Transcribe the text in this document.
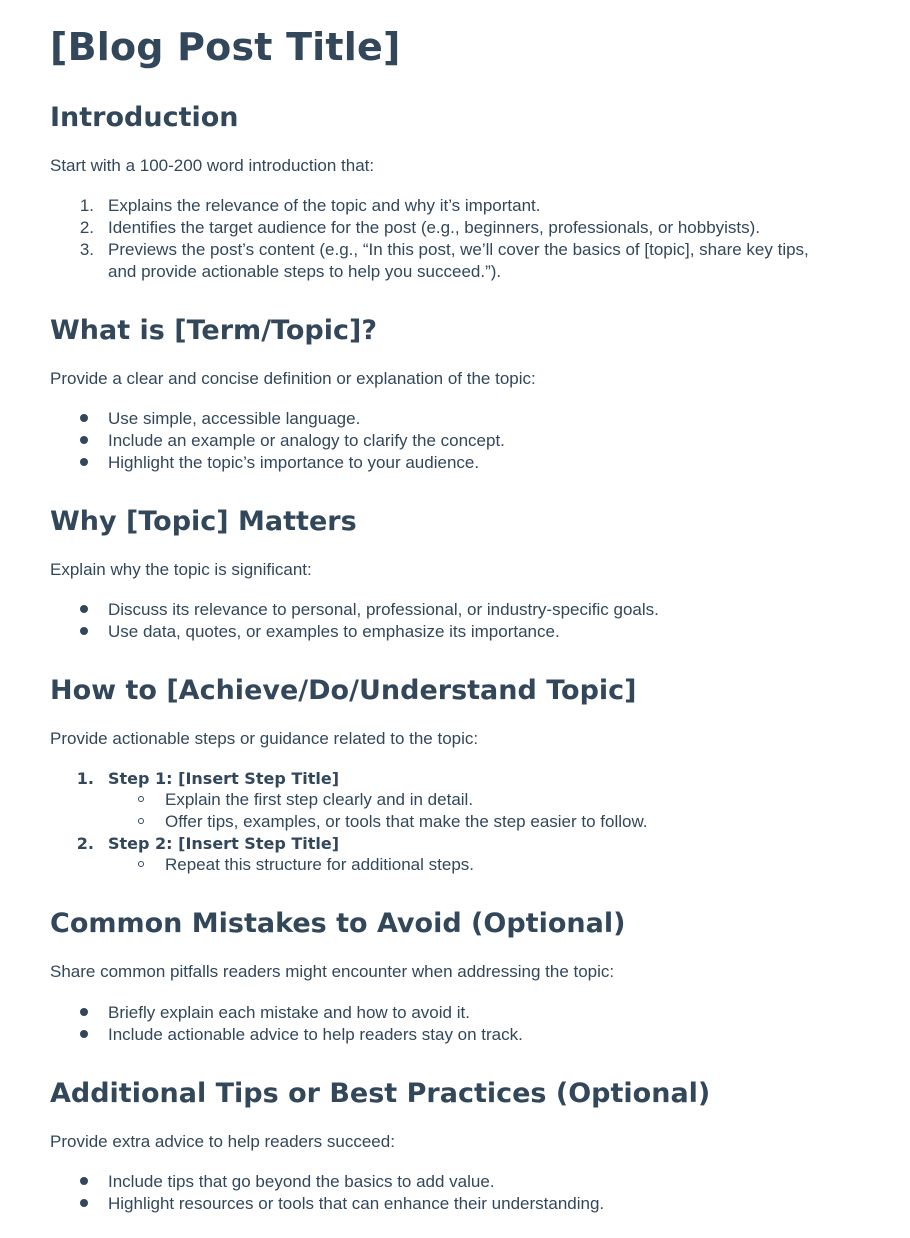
[Blog Post Title]
Introduction

Start with a 100-200 word introduction that:

1. Explains the relevance of the topic and why it’s important.
2. Identifies the target audience for the post (e.g., beginners, professionals, or hobbyists).
3. Previews the post’s content (e.g., “In this post, we’ll cover the basics of [topic], share key tips,
and provide actionable steps to help you succeed.”).
What is [Term/Topic]?

Provide a clear and concise definition or explanation of the topic:

Use simple, accessible language.
Include an example or analogy to clarify the concept.
Highlight the topic’s importance to your audience.
Why [Topic] Matters

Explain why the topic is significant:

Discuss its relevance to personal, professional, or industry-specific goals.
Use data, quotes, or examples to emphasize its importance.
How to [Achieve/Do/Understand Topic]

Provide actionable steps or guidance related to the topic:

1. Step 1: [Insert Step Title]
Explain the first step clearly and in detail.
Offer tips, examples, or tools that make the step easier to follow.
2. Step 2: [Insert Step Title]
Repeat this structure for additional steps.
Common Mistakes to Avoid (Optional)

Share common pitfalls readers might encounter when addressing the topic:

Briefly explain each mistake and how to avoid it.
Include actionable advice to help readers stay on track.
Additional Tips or Best Practices (Optional)

Provide extra advice to help readers succeed:

Include tips that go beyond the basics to add value.
Highlight resources or tools that can enhance their understanding.
